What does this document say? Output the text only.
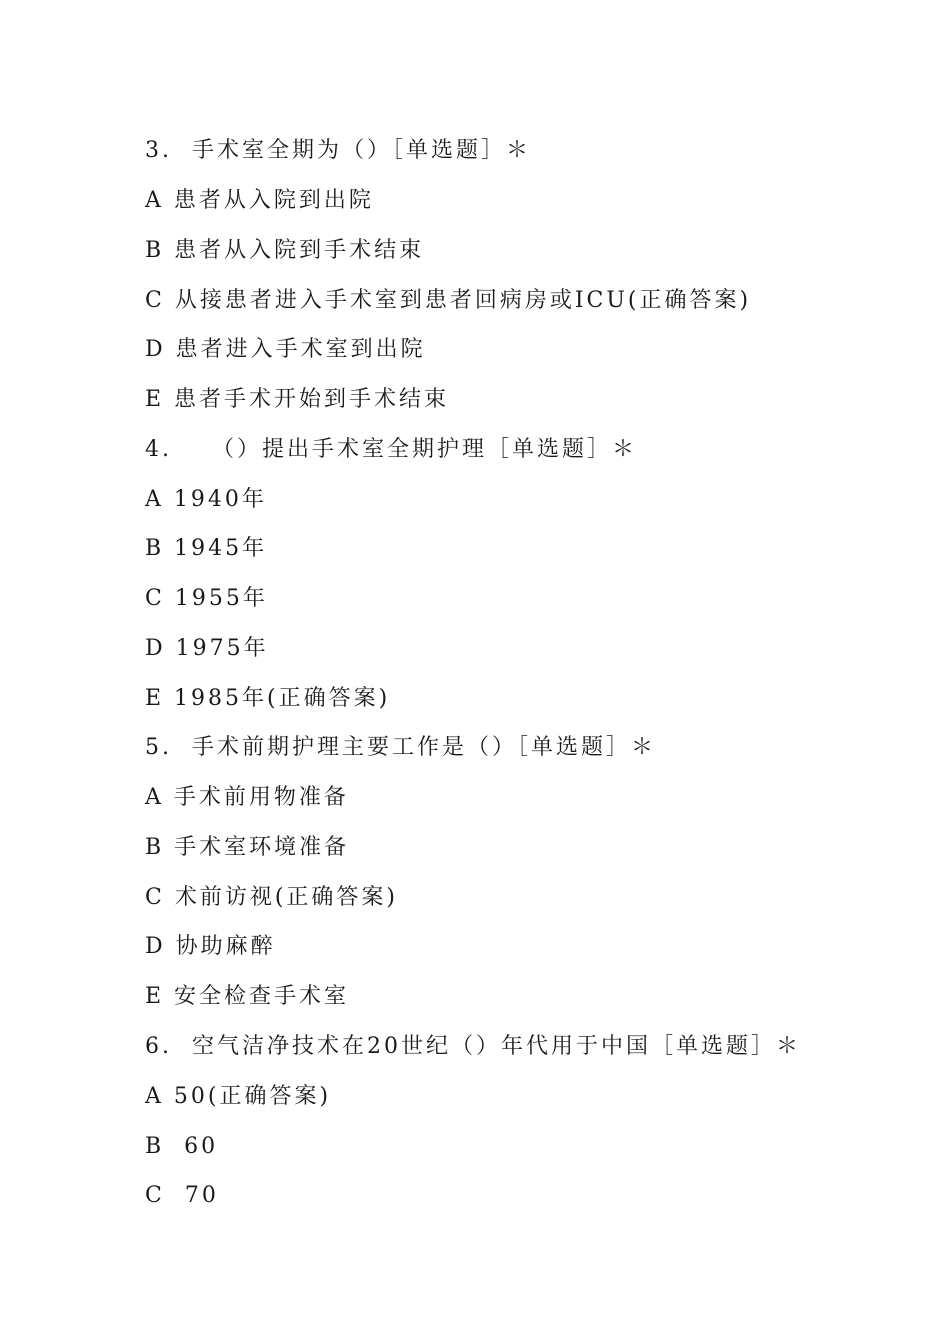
3.  手术室全期为（）［单选题］＊
A 患者从入院到出院
B 患者从入院到手术结束
C 从接患者进入手术室到患者回病房或ICU(正确答案)
D 患者进入手术室到出院
E 患者手术开始到手术结束
4.    （）提出手术室全期护理［单选题］＊
A 1940年
B 1945年
C 1955年
D 1975年
E 1985年(正确答案)
5.  手术前期护理主要工作是（）［单选题］＊
A 手术前用物准备
B 手术室环境准备
C 术前访视(正确答案)
D 协助麻醉
E 安全检查手术室
6.  空气洁净技术在20世纪（）年代用于中国［单选题］＊
A 50(正确答案)
B  60
C  70
